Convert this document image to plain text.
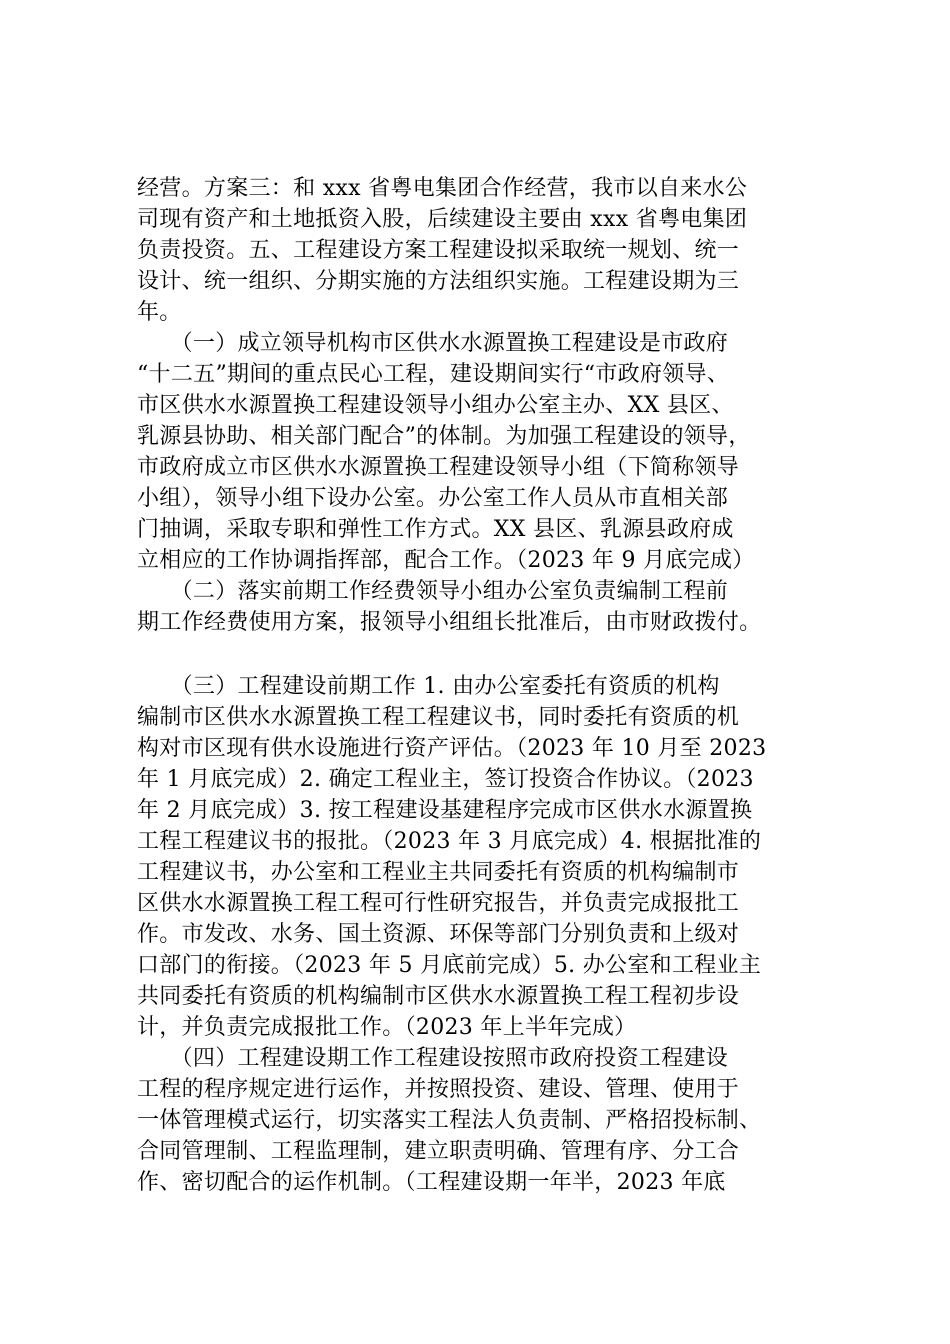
经营。方案三：和 xxx 省粤电集团合作经营，我市以自来水公
司现有资产和土地抵资入股，后续建设主要由 xxx 省粤电集团
负责投资。五、工程建设方案工程建设拟采取统一规划、统一
设计、统一组织、分期实施的方法组织实施。工程建设期为三
年。
　　（一）成立领导机构市区供水水源置换工程建设是市政府
“十二五”期间的重点民心工程，建设期间实行“市政府领导、
市区供水水源置换工程建设领导小组办公室主办、XX 县区、
乳源县协助、相关部门配合”的体制。为加强工程建设的领导，
市政府成立市区供水水源置换工程建设领导小组（下简称领导
小组），领导小组下设办公室。办公室工作人员从市直相关部
门抽调，采取专职和弹性工作方式。XX 县区、乳源县政府成
立相应的工作协调指挥部，配合工作。（2023 年 9 月底完成）
　　（二）落实前期工作经费领导小组办公室负责编制工程前
期工作经费使用方案，报领导小组组长批准后，由市财政拨付。
　　（三）工程建设前期工作 1. 由办公室委托有资质的机构
编制市区供水水源置换工程工程建议书，同时委托有资质的机
构对市区现有供水设施进行资产评估。（2023 年 10 月至 2023
年 1 月底完成）2. 确定工程业主，签订投资合作协议。（2023
年 2 月底完成）3. 按工程建设基建程序完成市区供水水源置换
工程工程建议书的报批。（2023 年 3 月底完成）4. 根据批准的
工程建议书，办公室和工程业主共同委托有资质的机构编制市
区供水水源置换工程工程可行性研究报告，并负责完成报批工
作。市发改、水务、国土资源、环保等部门分别负责和上级对
口部门的衔接。（2023 年 5 月底前完成）5. 办公室和工程业主
共同委托有资质的机构编制市区供水水源置换工程工程初步设
计，并负责完成报批工作。（2023 年上半年完成）
　　（四）工程建设期工作工程建设按照市政府投资工程建设
工程的程序规定进行运作，并按照投资、建设、管理、使用于
一体管理模式运行，切实落实工程法人负责制、严格招投标制、
合同管理制、工程监理制，建立职责明确、管理有序、分工合
作、密切配合的运作机制。（工程建设期一年半，2023 年底
